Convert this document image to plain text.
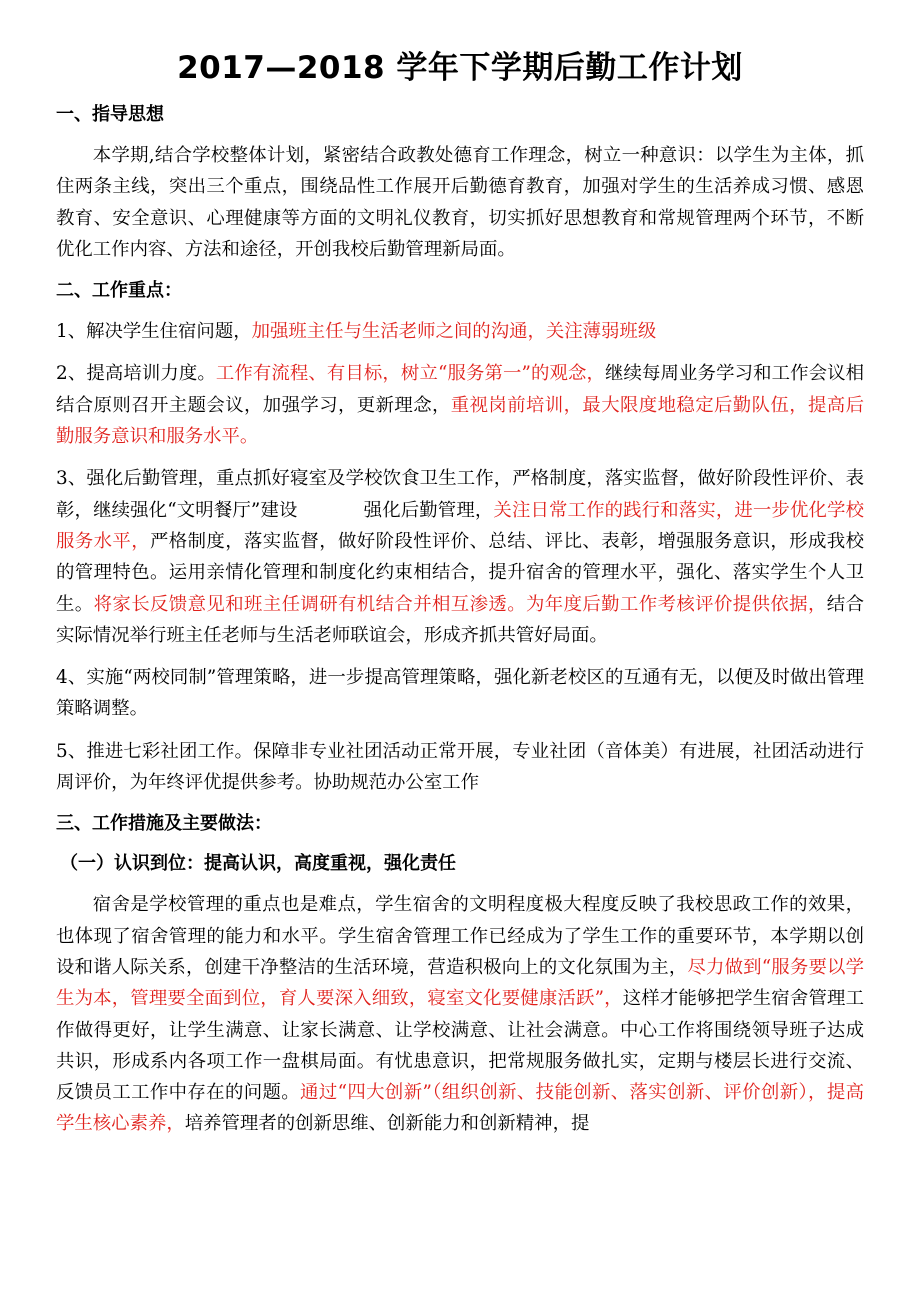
2017—2018 学年下学期后勤工作计划
一、指导思想

本学期,结合学校整体计划，紧密结合政教处德育工作理念，树立一种意识：以学生为主体，抓住两条主线，突出三个重点，围绕品性工作展开后勤德育教育，加强对学生的生活养成习惯、感恩教育、安全意识、心理健康等方面的文明礼仪教育，切实抓好思想教育和常规管理两个环节，不断优化工作内容、方法和途径，开创我校后勤管理新局面。

二、工作重点：

1、解决学生住宿问题，加强班主任与生活老师之间的沟通，关注薄弱班级

2、提高培训力度。工作有流程、有目标，树立“服务第一”的观念，继续每周业务学习和工作会议相结合原则召开主题会议，加强学习，更新理念，重视岗前培训，最大限度地稳定后勤队伍，提高后勤服务意识和服务水平。

3、强化后勤管理，重点抓好寝室及学校饮食卫生工作，严格制度，落实监督，做好阶段性评价、表彰，继续强化“文明餐厅”建设	强化后勤管理，关注日常工作的践行和落实，进一步优化学校服务水平，严格制度，落实监督，做好阶段性评价、总结、评比、表彰，增强服务意识，形成我校的管理特色。运用亲情化管理和制度化约束相结合，提升宿舍的管理水平，强化、落实学生个人卫生。将家长反馈意见和班主任调研有机结合并相互渗透。为年度后勤工作考核评价提供依据，结合实际情况举行班主任老师与生活老师联谊会，形成齐抓共管好局面。

4、实施“两校同制”管理策略，进一步提高管理策略，强化新老校区的互通有无，以便及时做出管理策略调整。

5、推进七彩社团工作。保障非专业社团活动正常开展，专业社团（音体美）有进展，社团活动进行周评价，为年终评优提供参考。协助规范办公室工作

三、工作措施及主要做法：
（一）认识到位：提高认识，高度重视，强化责任

宿舍是学校管理的重点也是难点，学生宿舍的文明程度极大程度反映了我校思政工作的效果，也体现了宿舍管理的能力和水平。学生宿舍管理工作已经成为了学生工作的重要环节，本学期以创设和谐人际关系，创建干净整洁的生活环境，营造积极向上的文化氛围为主，尽力做到“服务要以学生为本，管理要全面到位，育人要深入细致，寝室文化要健康活跃”，这样才能够把学生宿舍管理工作做得更好，让学生满意、让家长满意、让学校满意、让社会满意。中心工作将围绕领导班子达成共识，形成系内各项工作一盘棋局面。有忧患意识，把常规服务做扎实，定期与楼层长进行交流、反馈员工工作中存在的问题。通过“四大创新”（组织创新、技能创新、落实创新、评价创新），提高学生核心素养，培养管理者的创新思维、创新能力和创新精神，提
